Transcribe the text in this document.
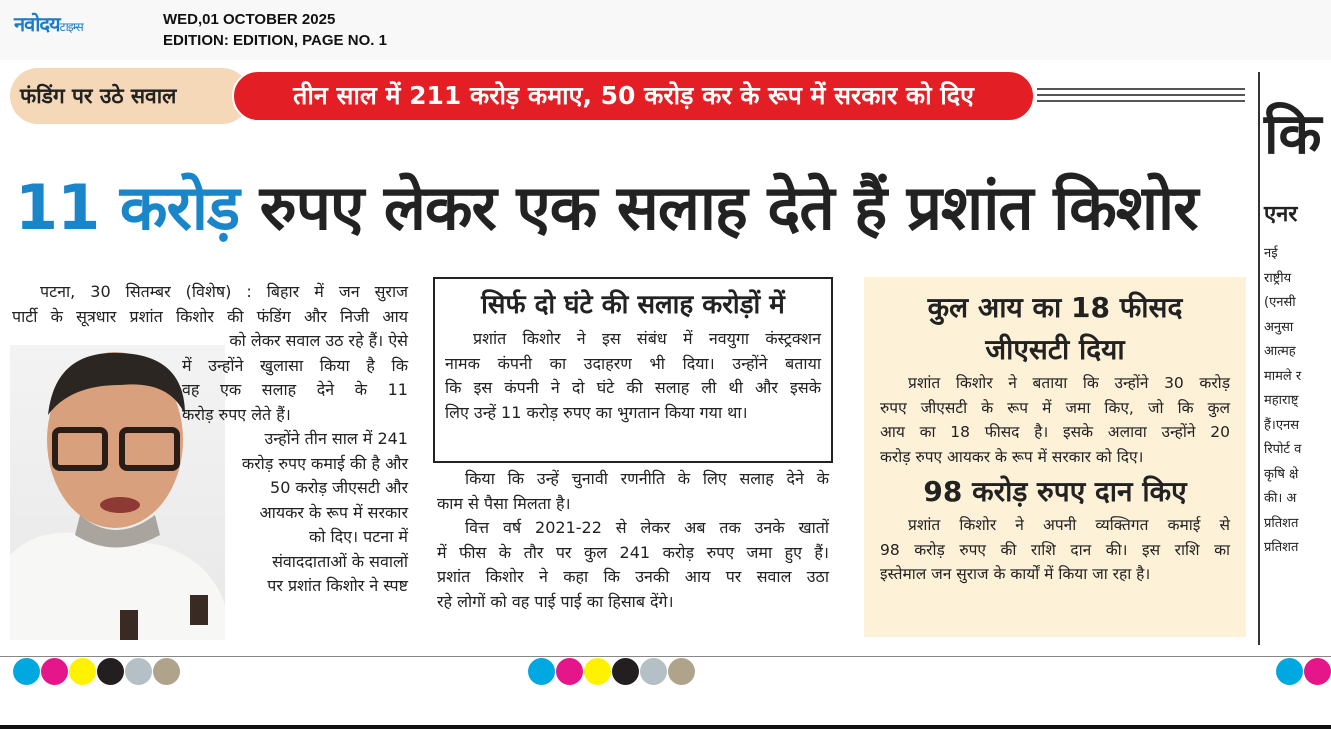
नवोदयटाइम्स	WED,01 OCTOBER 2025
EDITION: EDITION, PAGE NO. 1
फंडिंग पर उठे सवाल	तीन साल में 211 करोड़ कमाए, 50 करोड़ कर के रूप में सरकार को दिए
11 करोड़ रुपए लेकर एक सलाह देते हैं प्रशांत किशोर
कि
एनर
नई
राष्ट्रीय
(एनसी
अनुसा
आत्मह
मामले र
महाराष्ट्
हैं।एनस
रिपोर्ट व
कृषि क्षे
की। अ
प्रतिशत
प्रतिशत
पटना, 30 सितम्बर (विशेष) : बिहार में जन सुराज
पार्टी के सूत्रधार प्रशांत किशोर की फंडिंग और निजी आय
को लेकर सवाल उठ रहे हैं। ऐसे
में उन्होंने खुलासा किया है कि
वह एक सलाह देने के 11
करोड़ रुपए लेते हैं।
उन्होंने तीन साल में 241
करोड़ रुपए कमाई की है और
50 करोड़ जीएसटी और
आयकर के रूप में सरकार
को दिए। पटना में
संवाददाताओं के सवालों
पर प्रशांत किशोर ने स्पष्ट
सिर्फ दो घंटे की सलाह करोड़ों में
प्रशांत किशोर ने इस संबंध में नवयुगा कंस्ट्रक्शन
नामक कंपनी का उदाहरण भी दिया। उन्होंने बताया
कि इस कंपनी ने दो घंटे की सलाह ली थी और इसके
लिए उन्हें 11 करोड़ रुपए का भुगतान किया गया था।
किया कि उन्हें चुनावी रणनीति के लिए सलाह देने के
काम से पैसा मिलता है।
वित्त वर्ष 2021-22 से लेकर अब तक उनके खातों
में फीस के तौर पर कुल 241 करोड़ रुपए जमा हुए हैं।
प्रशांत किशोर ने कहा कि उनकी आय पर सवाल उठा
रहे लोगों को वह पाई पाई का हिसाब देंगे।
कुल आय का 18 फीसद
जीएसटी दिया
प्रशांत किशोर ने बताया कि उन्होंने 30 करोड़
रुपए जीएसटी के रूप में जमा किए, जो कि कुल
आय का 18 फीसद है। इसके अलावा उन्होंने 20
करोड़ रुपए आयकर के रूप में सरकार को दिए।
98 करोड़ रुपए दान किए
प्रशांत किशोर ने अपनी व्यक्तिगत कमाई से
98 करोड़ रुपए की राशि दान की। इस राशि का
इस्तेमाल जन सुराज के कार्यों में किया जा रहा है।
